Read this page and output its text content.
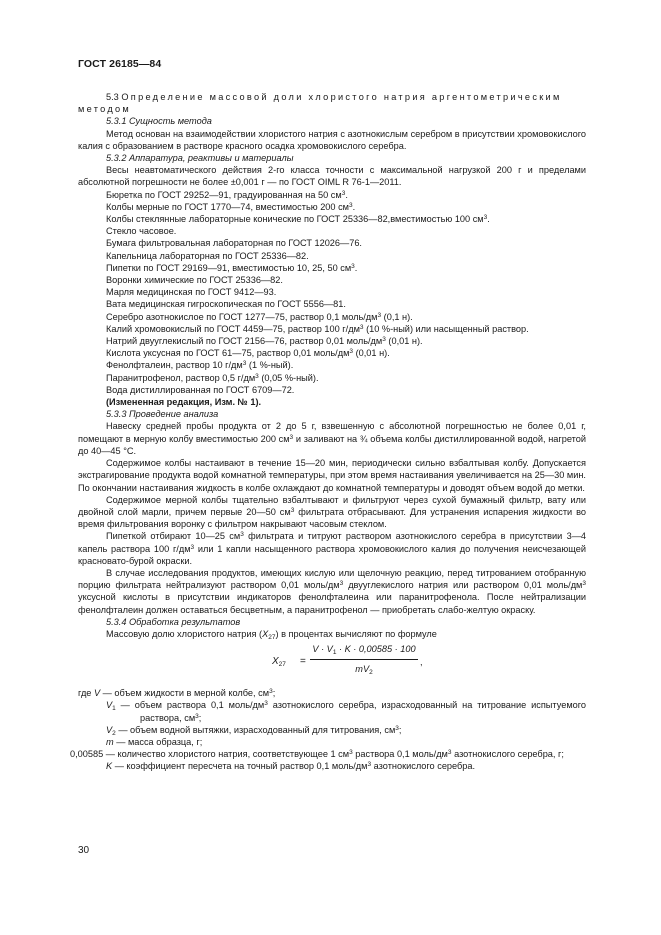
ГОСТ 26185—84

5.3 Определение массовой доли хлористого натрия аргентометрическим
методом

5.3.1 Сущность метода

Метод основан на взаимодействии хлористого натрия с азотнокислым серебром в присутствии хромовокислого калия с образованием в растворе красного осадка хромовокислого серебра.

5.3.2 Аппаратура, реактивы и материалы

Весы неавтоматического действия 2-го класса точности с максимальной нагрузкой 200 г и пределами абсолютной погрешности не более ±0,001 г — по ГОСТ OIML R 76-1—2011.

Бюретка по ГОСТ 29252—91, градуированная на 50 $см^3$.

Колбы мерные по ГОСТ 1770—74, вместимостью 200 $см^3$.

Колбы стеклянные лабораторные конические по ГОСТ 25336—82,вместимостью 100 $см^3$.

Стекло часовое.

Бумага фильтровальная лабораторная по ГОСТ 12026—76.

Капельница лабораторная по ГОСТ 25336—82.

Пипетки по ГОСТ 29169—91, вместимостью 10, 25, 50 $см^3$.

Воронки химические по ГОСТ 25336—82.

Марля медицинская по ГОСТ 9412—93.

Вата медицинская гигроскопическая по ГОСТ 5556—81.

Серебро азотнокислое по ГОСТ 1277—75, раствор 0,1 моль/$дм^3$ (0,1 н).

Калий хромовокислый по ГОСТ 4459—75, раствор 100 $г/дм^3$ (10 %-ный) или насыщенный раствор.

Натрий двууглекислый по ГОСТ 2156—76, раствор 0,01 моль/$дм^3$ (0,01 н).

Кислота уксусная по ГОСТ 61—75, раствор 0,01 моль/$дм^3$ (0,01 н).

Фенолфталеин, раствор 10 $г/дм^3$ (1 %-ный).

Паранитрофенол, раствор 0,5 $г/дм^3$ (0,05 %-ный).

Вода дистиллированная по ГОСТ 6709—72.

(Измененная редакция, Изм. № 1).

5.3.3 Проведение анализа

Навеску средней пробы продукта от 2 до 5 г, взвешенную с абсолютной погрешностью не более 0,01 г, помещают в мерную колбу вместимостью 200 $см^3$ и заливают на ¾ объема колбы дистиллированной водой, нагретой до 40—45 °С.

Содержимое колбы настаивают в течение 15—20 мин, периодически сильно взбалтывая колбу. Допускается экстрагирование продукта водой комнатной температуры, при этом время настаивания увеличивается на 25—30 мин. По окончании настаивания жидкость в колбе охлаждают до комнатной температуры и доводят объем водой до метки.

Содержимое мерной колбы тщательно взбалтывают и фильтруют через сухой бумажный фильтр, вату или двойной слой марли, причем первые 20—50 $см^3$ фильтрата отбрасывают. Для устранения испарения жидкости во время фильтрования воронку с фильтром накрывают часовым стеклом.

Пипеткой отбирают 10—25 $см^3$ фильтрата и титруют раствором азотнокислого серебра в присутствии 3—4 капель раствора 100 $г/дм^3$ или 1 капли насыщенного раствора хромовокислого калия до получения неисчезающей красновато-бурой окраски.

В случае исследования продуктов, имеющих кислую или щелочную реакцию, перед титрованием отобранную порцию фильтрата нейтрализуют раствором 0,01 моль/$дм^3$ двууглекислого натрия или раствором 0,01 моль/$дм^3$ уксусной кислоты в присутствии индикаторов фенолфталеина или паранитрофенола. После нейтрализации фенолфталеин должен оставаться бесцветным, а паранитрофенол — приобретать слабо-желтую окраску.

5.3.4 Обработка результатов

Массовую долю хлористого натрия $(X_{27})$ в процентах вычисляют по формуле

$X_{27}$ =
$V \cdot V_1 \cdot K \cdot 0,00585 \cdot 100$
$mV_2$
,

где V — объем жидкости в мерной колбе, $см^3$;

$V_1$ — объем раствора 0,1 моль/$дм^3$ азотнокислого серебра, израсходованный на титрование испытуемого раствора, $см^3$;

$V_2$ — объем водной вытяжки, израсходованный для титрования, $см^3$;

m — масса образца, г;

0,00585 — количество хлористого натрия, соответствующее 1 $см^3$ раствора 0,1 моль/$дм^3$ азотнокислого серебра, г;

K — коэффициент пересчета на точный раствор 0,1 моль/$дм^3$ азотнокислого серебра.

30
